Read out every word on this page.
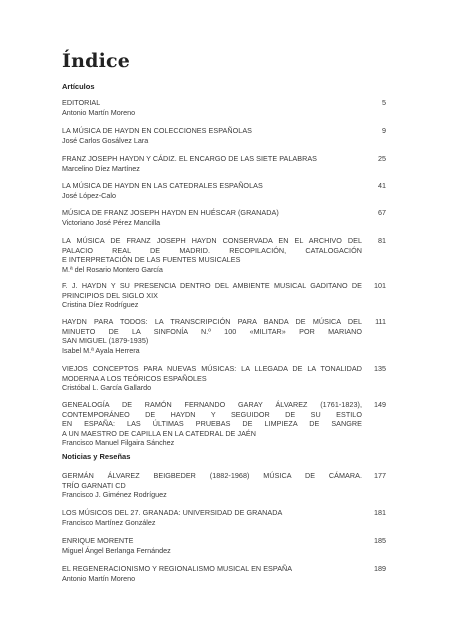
Índice
Artículos
EDITORIAL
Antonio Martín Moreno
5
LA MÚSICA DE HAYDN EN COLECCIONES ESPAÑOLAS
José Carlos Gosálvez Lara
9
FRANZ JOSEPH HAYDN Y CÁDIZ. EL ENCARGO DE LAS SIETE PALABRAS
Marcelino Díez Martínez
25
LA MÚSICA DE HAYDN EN LAS CATEDRALES ESPAÑOLAS
José López-Calo
41
MÚSICA DE FRANZ JOSEPH HAYDN EN HUÉSCAR (GRANADA)
Victoriano José Pérez Mancilla
67
LA MÚSICA DE FRANZ JOSEPH HAYDN CONSERVADA EN EL ARCHIVO DEL
PALACIO REAL DE MADRID. RECOPILACIÓN, CATALOGACIÓN
E INTERPRETACIÓN DE LAS FUENTES MUSICALES
M.ª del Rosario Montero García
81
F. J. HAYDN Y SU PRESENCIA DENTRO DEL AMBIENTE MUSICAL GADITANO DE
PRINCIPIOS DEL SIGLO XIX
Cristina Díez Rodríguez
101
HAYDN PARA TODOS: LA TRANSCRIPCIÓN PARA BANDA DE MÚSICA DEL
MINUETO DE LA SINFONÍA N.º 100 «MILITAR» POR MARIANO
SAN MIGUEL (1879-1935)
Isabel M.ª Ayala Herrera
111
VIEJOS CONCEPTOS PARA NUEVAS MÚSICAS: LA LLEGADA DE LA TONALIDAD
MODERNA A LOS TEÓRICOS ESPAÑOLES
Cristóbal L. García Gallardo
135
GENEALOGÍA DE RAMÓN FERNANDO GARAY ÁLVAREZ (1761-1823),
CONTEMPORÁNEO DE HAYDN Y SEGUIDOR DE SU ESTILO
EN ESPAÑA: LAS ÚLTIMAS PRUEBAS DE LIMPIEZA DE SANGRE
A UN MAESTRO DE CAPILLA EN LA CATEDRAL DE JAÉN
Francisco Manuel Filgaira Sánchez
149
Noticias y Reseñas
GERMÁN ÁLVAREZ BEIGBEDER (1882-1968) MÚSICA DE CÁMARA.
TRÍO GARNATI CD
Francisco J. Giménez Rodríguez
177
LOS MÚSICOS DEL 27. GRANADA: UNIVERSIDAD DE GRANADA
Francisco Martínez González
181
ENRIQUE MORENTE
Miguel Ángel Berlanga Fernández
185
EL REGENERACIONISMO Y REGIONALISMO MUSICAL EN ESPAÑA
Antonio Martín Moreno
189
